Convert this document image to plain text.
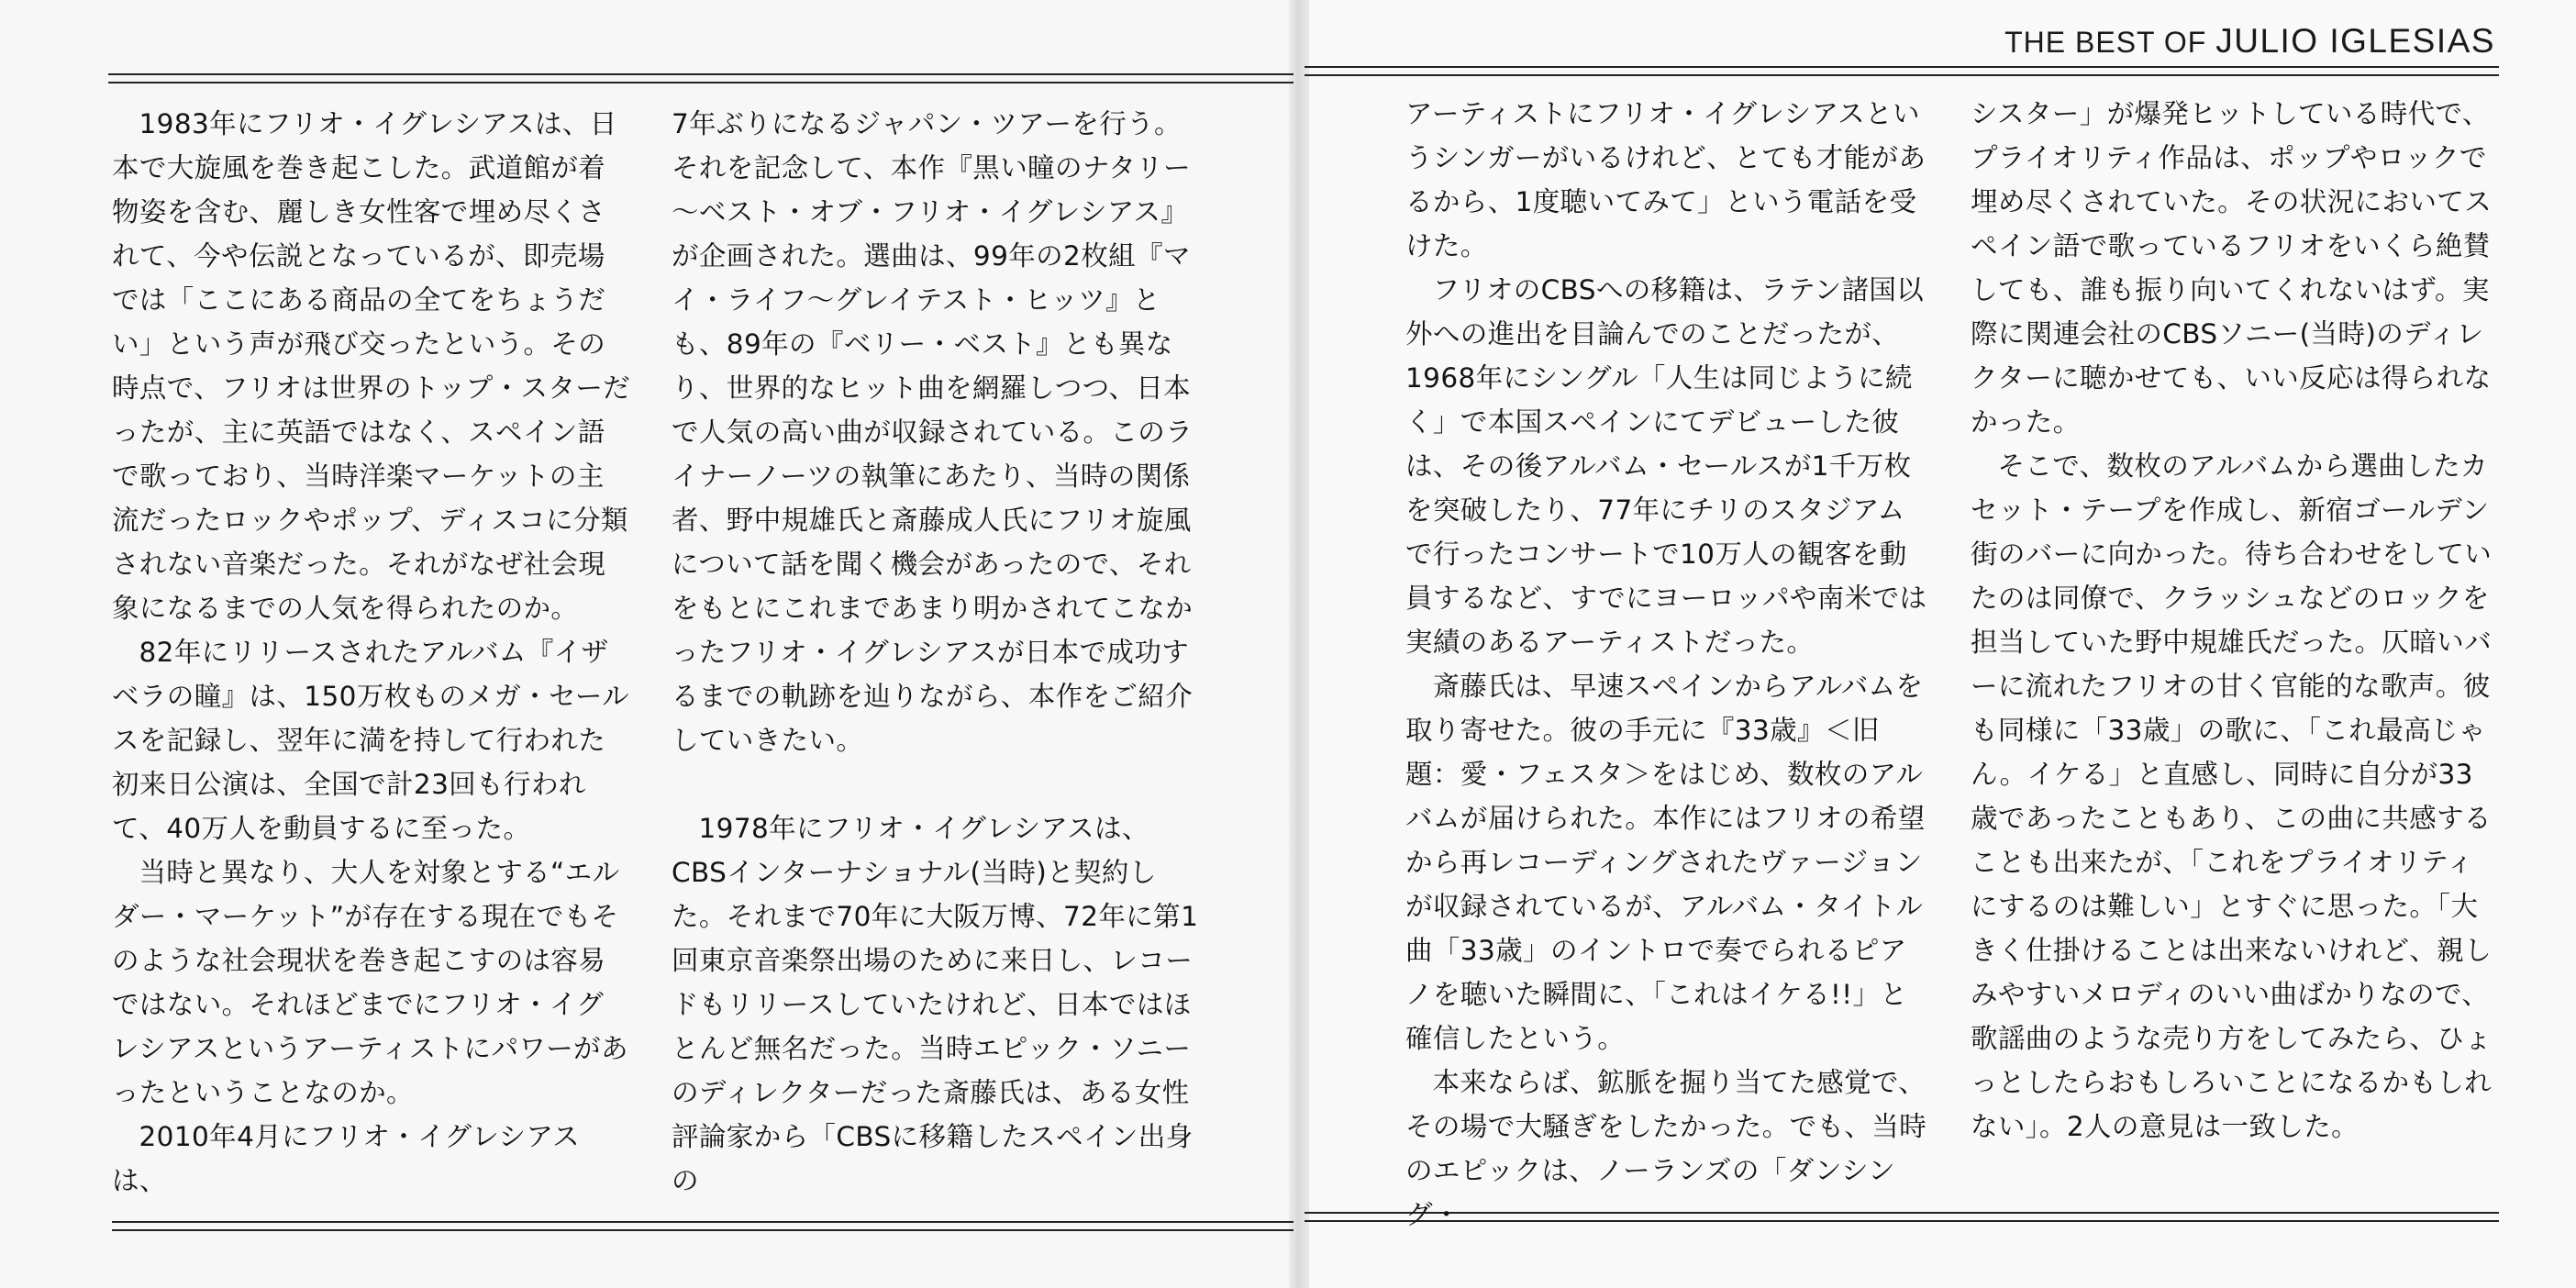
THE BEST OF JULIO IGLESIAS

1983年にフリオ・イグレシアスは、日本で大旋風を巻き起こした。武道館が着物姿を含む、麗しき女性客で埋め尽くされて、今や伝説となっているが、即売場では「ここにある商品の全てをちょうだい」という声が飛び交ったという。その時点で、フリオは世界のトップ・スターだったが、主に英語ではなく、スペイン語で歌っており、当時洋楽マーケットの主流だったロックやポップ、ディスコに分類されない音楽だった。それがなぜ社会現象になるまでの人気を得られたのか。

82年にリリースされたアルバム『イザベラの瞳』は、150万枚ものメガ・セールスを記録し、翌年に満を持して行われた初来日公演は、全国で計23回も行われて、40万人を動員するに至った。

当時と異なり、大人を対象とする“エルダー・マーケット”が存在する現在でもそのような社会現状を巻き起こすのは容易ではない。それほどまでにフリオ・イグレシアスというアーティストにパワーがあったということなのか。

2010年4月にフリオ・イグレシアスは、

7年ぶりになるジャパン・ツアーを行う。それを記念して、本作『黒い瞳のナタリー～ベスト・オブ・フリオ・イグレシアス』が企画された。選曲は、99年の2枚組『マイ・ライフ～グレイテスト・ヒッツ』とも、89年の『ベリー・ベスト』とも異なり、世界的なヒット曲を網羅しつつ、日本で人気の高い曲が収録されている。このライナーノーツの執筆にあたり、当時の関係者、野中規雄氏と斎藤成人氏にフリオ旋風について話を聞く機会があったので、それをもとにこれまであまり明かされてこなかったフリオ・イグレシアスが日本で成功するまでの軌跡を辿りながら、本作をご紹介していきたい。

1978年にフリオ・イグレシアスは、CBSインターナショナル(当時)と契約した。それまで70年に大阪万博、72年に第1回東京音楽祭出場のために来日し、レコードもリリースしていたけれど、日本ではほとんど無名だった。当時エピック・ソニーのディレクターだった斎藤氏は、ある女性評論家から「CBSに移籍したスペイン出身の

アーティストにフリオ・イグレシアスというシンガーがいるけれど、とても才能があるから、1度聴いてみて」という電話を受けた。

フリオのCBSへの移籍は、ラテン諸国以外への進出を目論んでのことだったが、1968年にシングル「人生は同じように続く」で本国スペインにてデビューした彼は、その後アルバム・セールスが1千万枚を突破したり、77年にチリのスタジアムで行ったコンサートで10万人の観客を動員するなど、すでにヨーロッパや南米では実績のあるアーティストだった。

斎藤氏は、早速スペインからアルバムを取り寄せた。彼の手元に『33歳』＜旧題：愛・フェスタ＞をはじめ、数枚のアルバムが届けられた。本作にはフリオの希望から再レコーディングされたヴァージョンが収録されているが、アルバム・タイトル曲「33歳」のイントロで奏でられるピアノを聴いた瞬間に、「これはイケる!!」と確信したという。

本来ならば、鉱脈を掘り当てた感覚で、その場で大騒ぎをしたかった。でも、当時のエピックは、ノーランズの「ダンシング・

シスター」が爆発ヒットしている時代で、プライオリティ作品は、ポップやロックで埋め尽くされていた。その状況においてスペイン語で歌っているフリオをいくら絶賛しても、誰も振り向いてくれないはず。実際に関連会社のCBSソニー(当時)のディレクターに聴かせても、いい反応は得られなかった。

そこで、数枚のアルバムから選曲したカセット・テープを作成し、新宿ゴールデン街のバーに向かった。待ち合わせをしていたのは同僚で、クラッシュなどのロックを担当していた野中規雄氏だった。仄暗いバーに流れたフリオの甘く官能的な歌声。彼も同様に「33歳」の歌に、「これ最高じゃん。イケる」と直感し、同時に自分が33歳であったこともあり、この曲に共感することも出来たが、「これをプライオリティにするのは難しい」とすぐに思った。「大きく仕掛けることは出来ないけれど、親しみやすいメロディのいい曲ばかりなので、歌謡曲のような売り方をしてみたら、ひょっとしたらおもしろいことになるかもしれない」。2人の意見は一致した。
